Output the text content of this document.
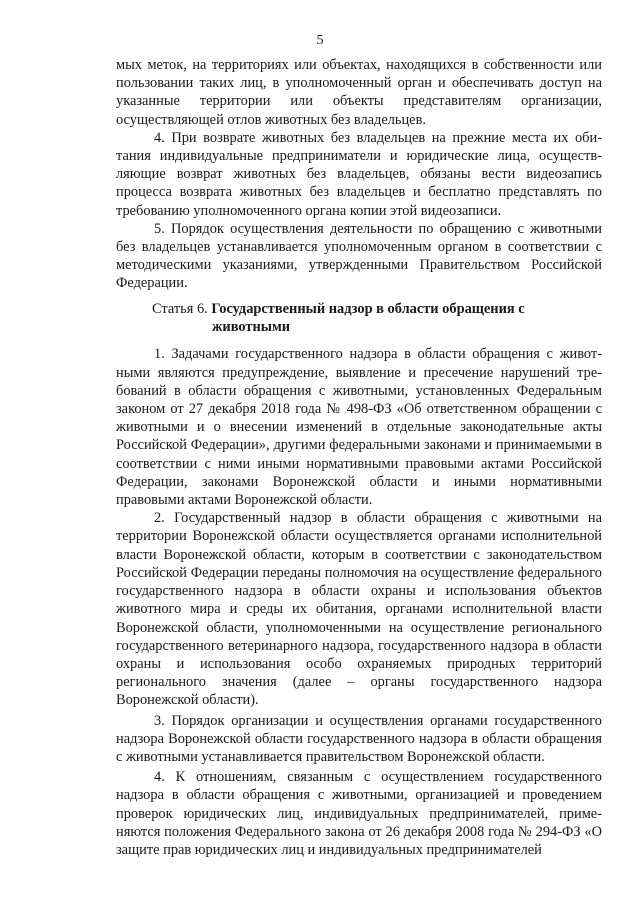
5

мых меток, на территориях или объектах, находящихся в собственности или пользовании таких лиц, в уполномоченный орган и обеспечивать доступ на указанные территории или объекты представителям организации, осуществляющей отлов животных без владельцев.

4. При возврате животных без владельцев на прежние места их обитания индивидуальные предприниматели и юридические лица, осуществляющие возврат животных без владельцев, обязаны вести видеозапись процесса возврата животных без владельцев и бесплатно представлять по требованию уполномоченного органа копии этой видеозаписи.

5. Порядок осуществления деятельности по обращению с животными без владельцев устанавливается уполномоченным органом в соответствии с методическими указаниями, утвержденными Правительством Российской Федерации.

Статья 6. Государственный надзор в области обращения с
животными

1. Задачами государственного надзора в области обращения с животными являются предупреждение, выявление и пресечение нарушений требований в области обращения с животными, установленных Федеральным законом от 27 декабря 2018 года № 498-ФЗ «Об ответственном обращении с животными и о внесении изменений в отдельные законодательные акты Российской Федерации», другими федеральными законами и принимаемыми в соответствии с ними иными нормативными правовыми актами Российской Федерации, законами Воронежской области и иными нормативными правовыми актами Воронежской области.

2. Государственный надзор в области обращения с животными на территории Воронежской области осуществляется органами исполнительной власти Воронежской области, которым в соответствии с законодательством Российской Федерации переданы полномочия на осуществление федерального государственного надзора в области охраны и использования объектов животного мира и среды их обитания, органами исполнительной власти Воронежской области, уполномоченными на осуществление регионального государственного ветеринарного надзора, государственного надзора в области охраны и использования особо охраняемых природных территорий регионального значения (далее – органы государственного надзора Воронежской области).

3. Порядок организации и осуществления органами государственного надзора Воронежской области государственного надзора в области обращения с животными устанавливается правительством Воронежской области.

4. К отношениям, связанным с осуществлением государственного надзора в области обращения с животными, организацией и проведением проверок юридических лиц, индивидуальных предпринимателей, применяются положения Федерального закона от 26 декабря 2008 года № 294-ФЗ «О защите прав юридических лиц и индивидуальных предпринимателей
